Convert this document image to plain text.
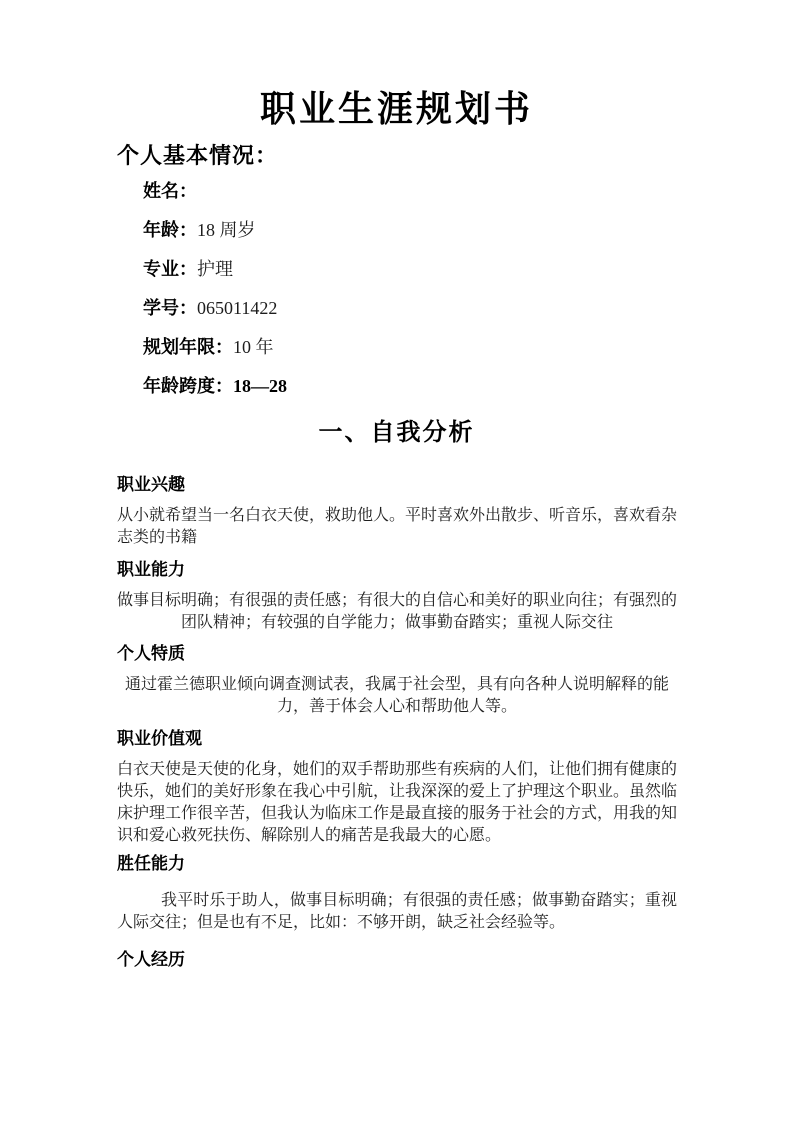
职业生涯规划书
个人基本情况：
姓名：
年龄：18 周岁
专业：护理
学号：065011422
规划年限：10 年
年龄跨度：18—28
一、自我分析
职业兴趣
从小就希望当一名白衣天使，救助他人。平时喜欢外出散步、听音乐，喜欢看杂志类的书籍
职业能力
做事目标明确；有很强的责任感；有很大的自信心和美好的职业向往；有强烈的团队精神；有较强的自学能力；做事勤奋踏实；重视人际交往
个人特质
通过霍兰德职业倾向调查测试表，我属于社会型，具有向各种人说明解释的能力，善于体会人心和帮助他人等。
职业价值观
白衣天使是天使的化身，她们的双手帮助那些有疾病的人们，让他们拥有健康的快乐，她们的美好形象在我心中引航，让我深深的爱上了护理这个职业。虽然临床护理工作很辛苦，但我认为临床工作是最直接的服务于社会的方式，用我的知识和爱心救死扶伤、解除别人的痛苦是我最大的心愿。
胜任能力
我平时乐于助人，做事目标明确；有很强的责任感；做事勤奋踏实；重视人际交往；但是也有不足，比如：不够开朗，缺乏社会经验等。
个人经历
